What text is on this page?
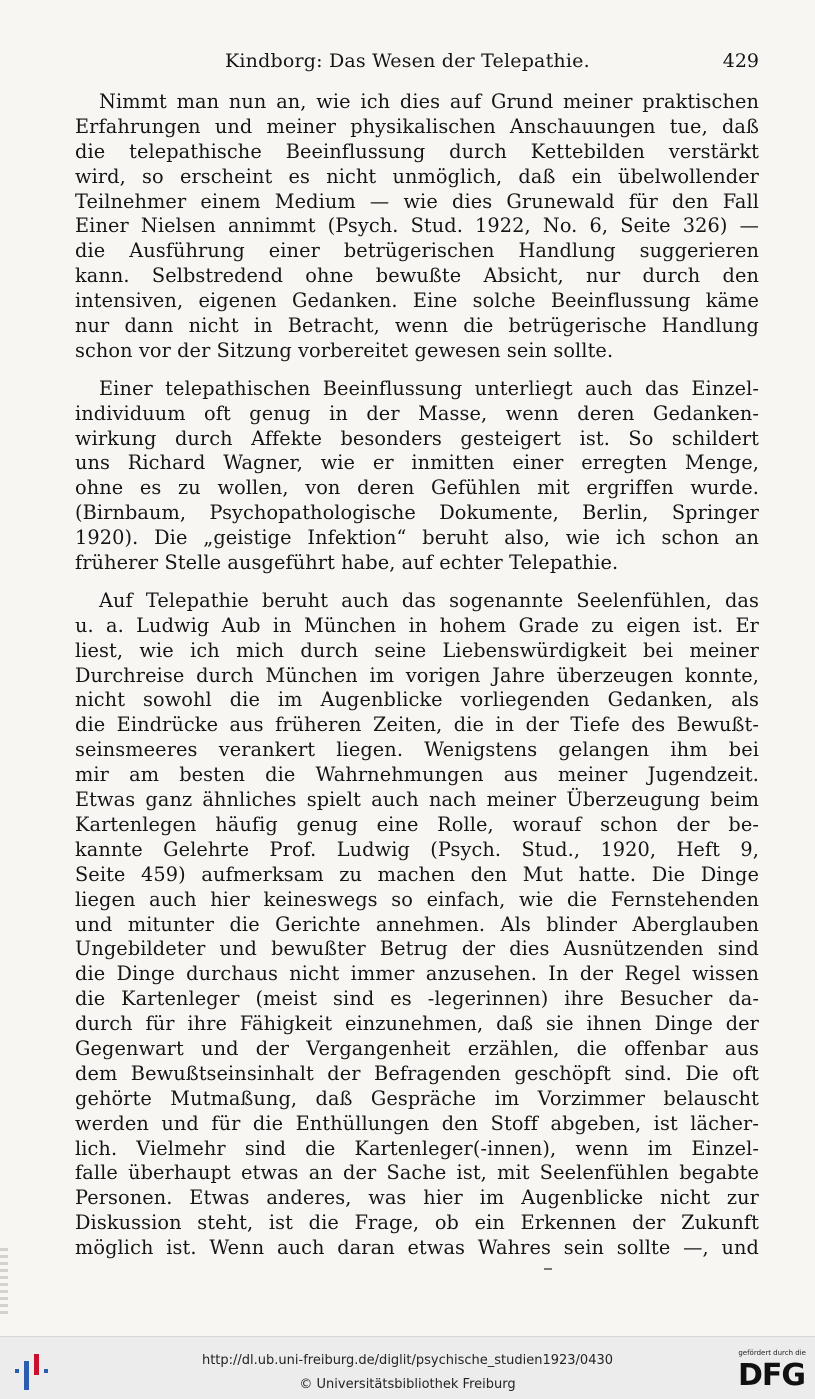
Kindborg: Das Wesen der Telepathie.	429
Nimmt man nun an, wie ich dies auf Grund meiner praktischen
Erfahrungen und meiner physikalischen Anschauungen tue, daß
die telepathische Beeinflussung durch Kettebilden verstärkt
wird, so erscheint es nicht unmöglich, daß ein übelwollender
Teilnehmer einem Medium — wie dies Grunewald für den Fall
Einer Nielsen annimmt (Psych. Stud. 1922, No. 6, Seite 326) —
die Ausführung einer betrügerischen Handlung suggerieren
kann. Selbstredend ohne bewußte Absicht, nur durch den
intensiven, eigenen Gedanken. Eine solche Beeinflussung käme
nur dann nicht in Betracht, wenn die betrügerische Handlung
schon vor der Sitzung vorbereitet gewesen sein sollte.
Einer telepathischen Beeinflussung unterliegt auch das Einzel-
individuum oft genug in der Masse, wenn deren Gedanken-
wirkung durch Affekte besonders gesteigert ist. So schildert
uns Richard Wagner, wie er inmitten einer erregten Menge,
ohne es zu wollen, von deren Gefühlen mit ergriffen wurde.
(Birnbaum, Psychopathologische Dokumente, Berlin, Springer
1920). Die „geistige Infektion“ beruht also, wie ich schon an
früherer Stelle ausgeführt habe, auf echter Telepathie.
Auf Telepathie beruht auch das sogenannte Seelenfühlen, das
u. a. Ludwig Aub in München in hohem Grade zu eigen ist. Er
liest, wie ich mich durch seine Liebenswürdigkeit bei meiner
Durchreise durch München im vorigen Jahre überzeugen konnte,
nicht sowohl die im Augenblicke vorliegenden Gedanken, als
die Eindrücke aus früheren Zeiten, die in der Tiefe des Bewußt-
seinsmeeres verankert liegen. Wenigstens gelangen ihm bei
mir am besten die Wahrnehmungen aus meiner Jugendzeit.
Etwas ganz ähnliches spielt auch nach meiner Überzeugung beim
Kartenlegen häufig genug eine Rolle, worauf schon der be-
kannte Gelehrte Prof. Ludwig (Psych. Stud., 1920, Heft 9,
Seite 459) aufmerksam zu machen den Mut hatte. Die Dinge
liegen auch hier keineswegs so einfach, wie die Fernstehenden
und mitunter die Gerichte annehmen. Als blinder Aberglauben
Ungebildeter und bewußter Betrug der dies Ausnützenden sind
die Dinge durchaus nicht immer anzusehen. In der Regel wissen
die Kartenleger (meist sind es -legerinnen) ihre Besucher da-
durch für ihre Fähigkeit einzunehmen, daß sie ihnen Dinge der
Gegenwart und der Vergangenheit erzählen, die offenbar aus
dem Bewußtseinsinhalt der Befragenden geschöpft sind. Die oft
gehörte Mutmaßung, daß Gespräche im Vorzimmer belauscht
werden und für die Enthüllungen den Stoff abgeben, ist lächer-
lich. Vielmehr sind die Kartenleger(-innen), wenn im Einzel-
falle überhaupt etwas an der Sache ist, mit Seelenfühlen begabte
Personen. Etwas anderes, was hier im Augenblicke nicht zur
Diskussion steht, ist die Frage, ob ein Erkennen der Zukunft
möglich ist. Wenn auch daran etwas Wahres sein sollte —, und
http://dl.ub.uni-freiburg.de/diglit/psychische_studien1923/0430
© Universitätsbibliothek Freiburg
gefördert durch die
DFG
